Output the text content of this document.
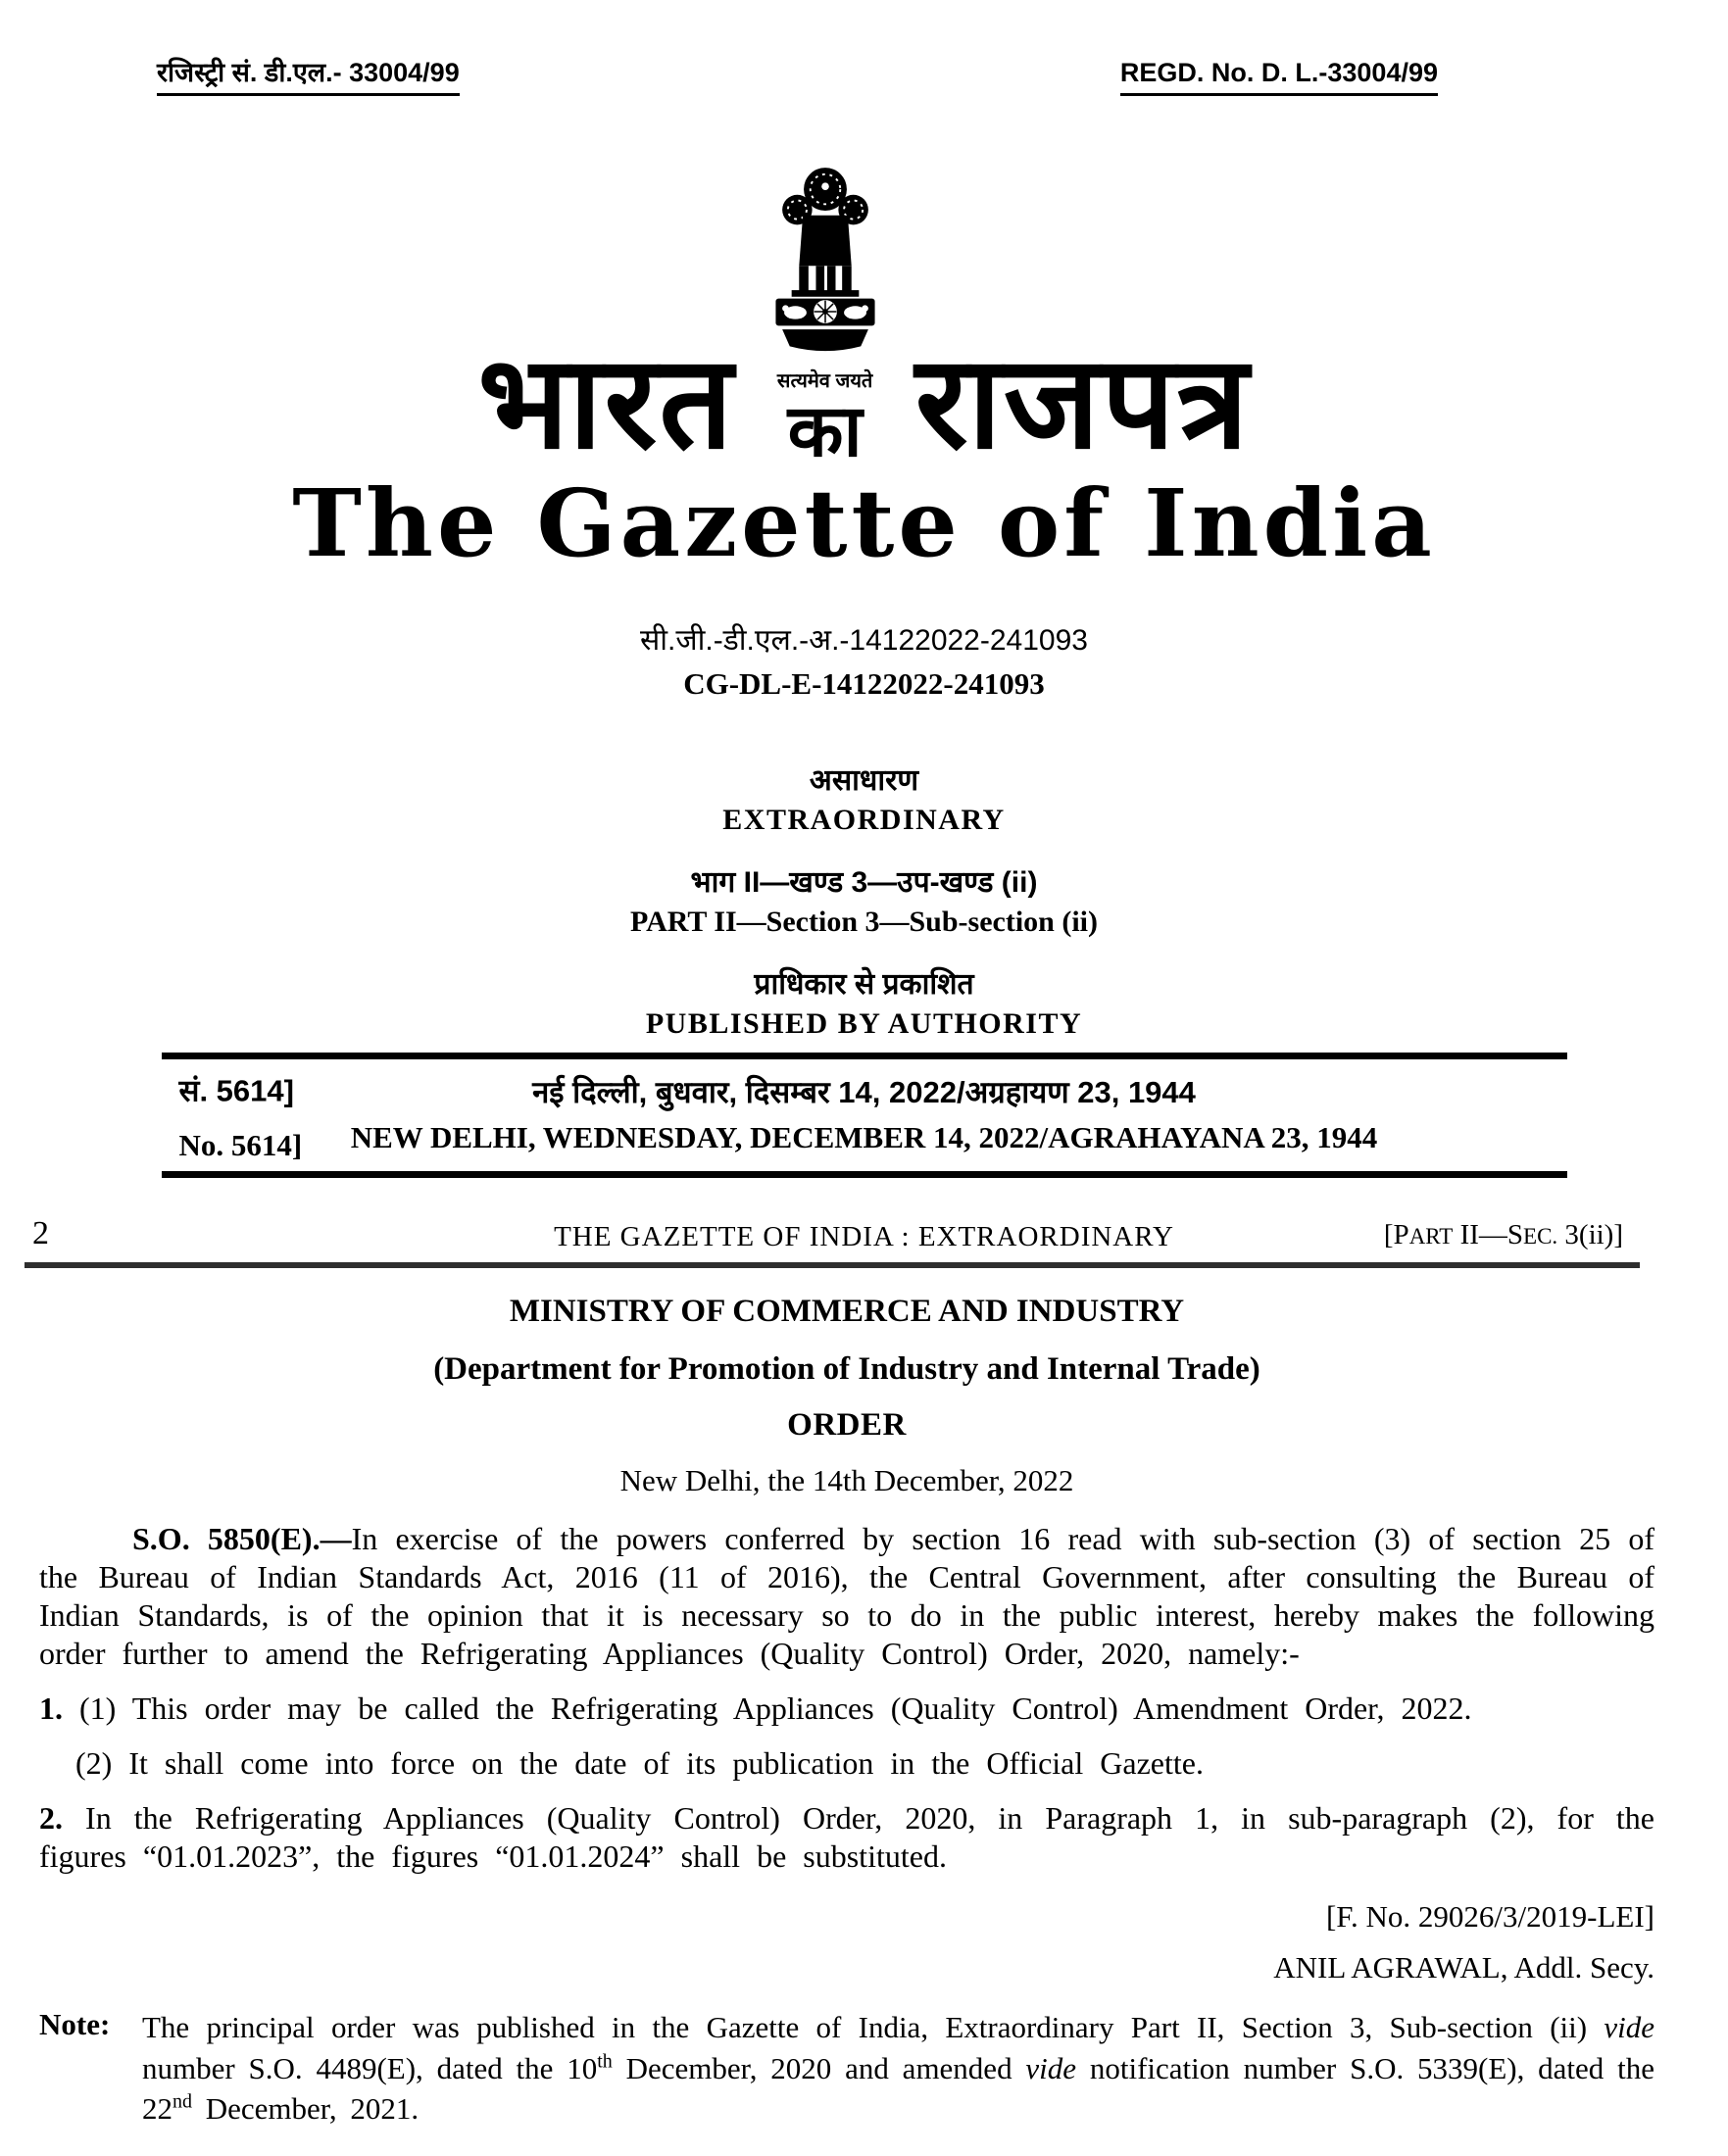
रजिस्ट्री सं. डी.एल.- 33004/99	REGD. No. D. L.-33004/99
भारत सत्यमेव जयते
का राजपत्र
The Gazette of India
सी.जी.-डी.एल.-अ.-14122022-241093
CG-DL-E-14122022-241093
असाधारण
EXTRAORDINARY
भाग II—खण्ड 3—उप-खण्ड (ii)
PART II—Section 3—Sub-section (ii)
प्राधिकार से प्रकाशित
PUBLISHED BY AUTHORITY
सं. 5614]	नई दिल्ली, बुधवार, दिसम्बर 14, 2022/अग्रहायण 23, 1944
No. 5614]	NEW DELHI, WEDNESDAY, DECEMBER 14, 2022/AGRAHAYANA 23, 1944
2	THE GAZETTE OF INDIA : EXTRAORDINARY	[PART II—SEC. 3(ii)]
MINISTRY OF COMMERCE AND INDUSTRY
(Department for Promotion of Industry and Internal Trade)
ORDER
New Delhi, the 14th December, 2022

S.O. 5850(E).—In exercise of the powers conferred by section 16 read with sub-section (3) of section 25 of the Bureau of Indian Standards Act, 2016 (11 of 2016), the Central Government, after consulting the Bureau of Indian Standards, is of the opinion that it is necessary so to do in the public interest, hereby makes the following order further to amend the Refrigerating Appliances (Quality Control) Order, 2020, namely:-

1. (1) This order may be called the Refrigerating Appliances (Quality Control) Amendment Order, 2022.

(2) It shall come into force on the date of its publication in the Official Gazette.

2. In the Refrigerating Appliances (Quality Control) Order, 2020, in Paragraph 1, in sub-paragraph (2), for the figures “01.01.2023”, the figures “01.01.2024” shall be substituted.

[F. No. 29026/3/2019-LEI]
ANIL AGRAWAL, Addl. Secy.
Note:	The principal order was published in the Gazette of India, Extraordinary Part II, Section 3, Sub-section (ii) vide number S.O. 4489(E), dated the 10th December, 2020 and amended vide notification number S.O. 5339(E), dated the 22nd December, 2021.
